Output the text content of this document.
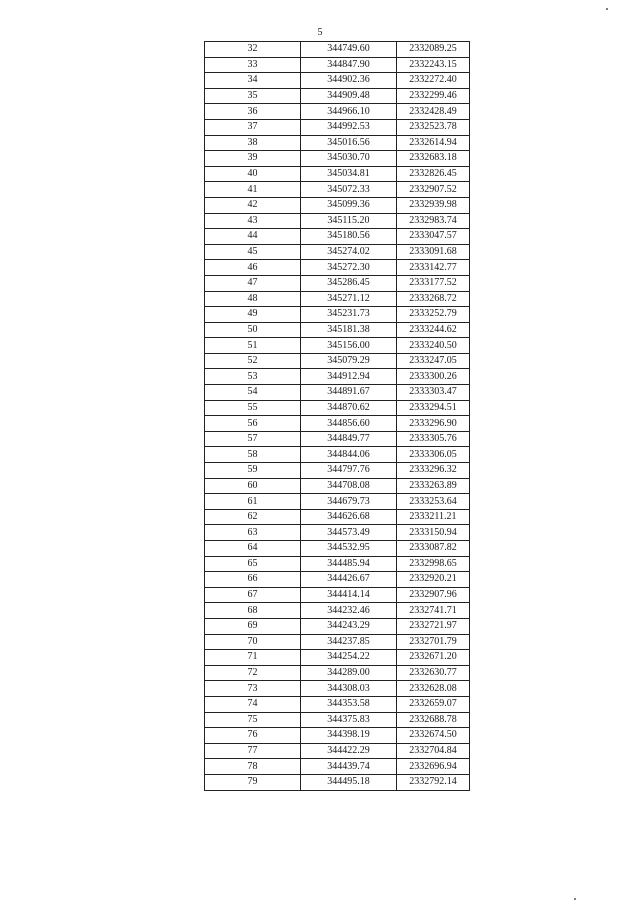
5
32	344749.60	2332089.25
33	344847.90	2332243.15
34	344902.36	2332272.40
35	344909.48	2332299.46
36	344966.10	2332428.49
37	344992.53	2332523.78
38	345016.56	2332614.94
39	345030.70	2332683.18
40	345034.81	2332826.45
41	345072.33	2332907.52
42	345099.36	2332939.98
43	345115.20	2332983.74
44	345180.56	2333047.57
45	345274.02	2333091.68
46	345272.30	2333142.77
47	345286.45	2333177.52
48	345271.12	2333268.72
49	345231.73	2333252.79
50	345181.38	2333244.62
51	345156.00	2333240.50
52	345079.29	2333247.05
53	344912.94	2333300.26
54	344891.67	2333303.47
55	344870.62	2333294.51
56	344856.60	2333296.90
57	344849.77	2333305.76
58	344844.06	2333306.05
59	344797.76	2333296.32
60	344708.08	2333263.89
61	344679.73	2333253.64
62	344626.68	2333211.21
63	344573.49	2333150.94
64	344532.95	2333087.82
65	344485.94	2332998.65
66	344426.67	2332920.21
67	344414.14	2332907.96
68	344232.46	2332741.71
69	344243.29	2332721.97
70	344237.85	2332701.79
71	344254.22	2332671.20
72	344289.00	2332630.77
73	344308.03	2332628.08
74	344353.58	2332659.07
75	344375.83	2332688.78
76	344398.19	2332674.50
77	344422.29	2332704.84
78	344439.74	2332696.94
79	344495.18	2332792.14
